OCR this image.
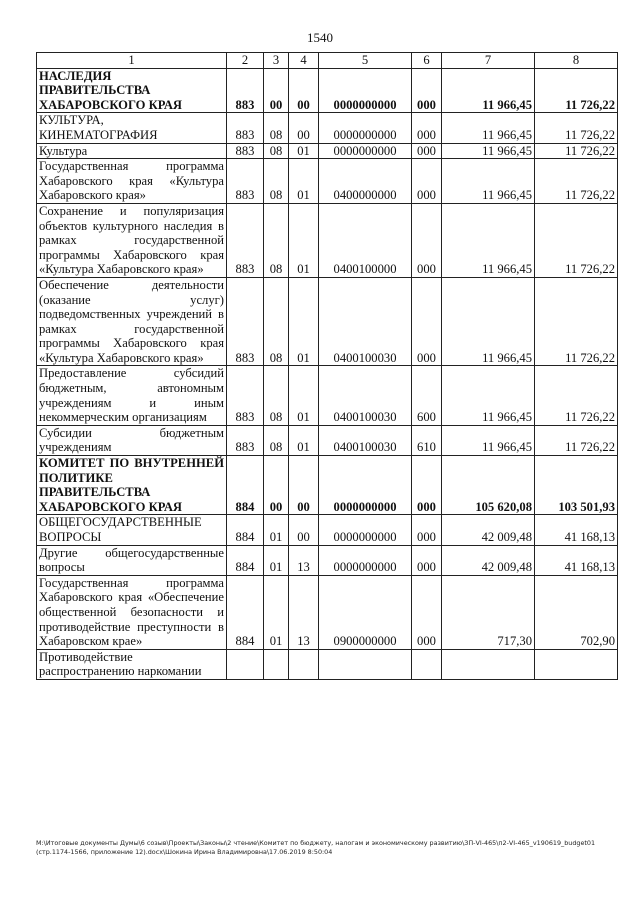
1540
1	2	3	4	5	6	7	8
НАСЛЕДИЯ ПРАВИТЕЛЬСТВА ХАБАРОВСКОГО КРАЯ	883	00	00	0000000000	000	11 966,45	11 726,22
КУЛЬТУРА, КИНЕМАТОГРАФИЯ	883	08	00	0000000000	000	11 966,45	11 726,22
Культура	883	08	01	0000000000	000	11 966,45	11 726,22
Государственная программа Хабаровского края «Культура Хабаровского края»	883	08	01	0400000000	000	11 966,45	11 726,22
Сохранение и популяризация объектов культурного наследия в рамках государственной программы Хабаровского края «Культура Хабаровского края»	883	08	01	0400100000	000	11 966,45	11 726,22
Обеспечение деятельности (оказание услуг) подведомственных учреждений в рамках государственной программы Хабаровского края «Культура Хабаровского края»	883	08	01	0400100030	000	11 966,45	11 726,22
Предоставление субсидий бюджетным, автономным учреждениям и иным некоммерческим организациям	883	08	01	0400100030	600	11 966,45	11 726,22
Субсидии бюджетным учреждениям	883	08	01	0400100030	610	11 966,45	11 726,22
КОМИТЕТ ПО ВНУТРЕННЕЙ ПОЛИТИКЕ ПРАВИТЕЛЬСТВА ХАБАРОВСКОГО КРАЯ	884	00	00	0000000000	000	105 620,08	103 501,93
ОБЩЕГОСУДАРСТВЕННЫЕ ВОПРОСЫ	884	01	00	0000000000	000	42 009,48	41 168,13
Другие общегосударственные вопросы	884	01	13	0000000000	000	42 009,48	41 168,13
Государственная программа Хабаровского края «Обеспечение общественной безопасности и противодействие преступности в Хабаровском крае»	884	01	13	0900000000	000	717,30	702,90
Противодействие распространению наркомании							
М:\Итоговые документы Думы\6 созыв\Проекты\Законы\2 чтение\Комитет по бюджету, налогам и экономическому развитию\ЗП-VI-465\п2-VI-465_v190619_budget01 (стр.1174-1566, приложение 12).docx\Шокина Ирина Владимировна\17.06.2019 8:50:04
